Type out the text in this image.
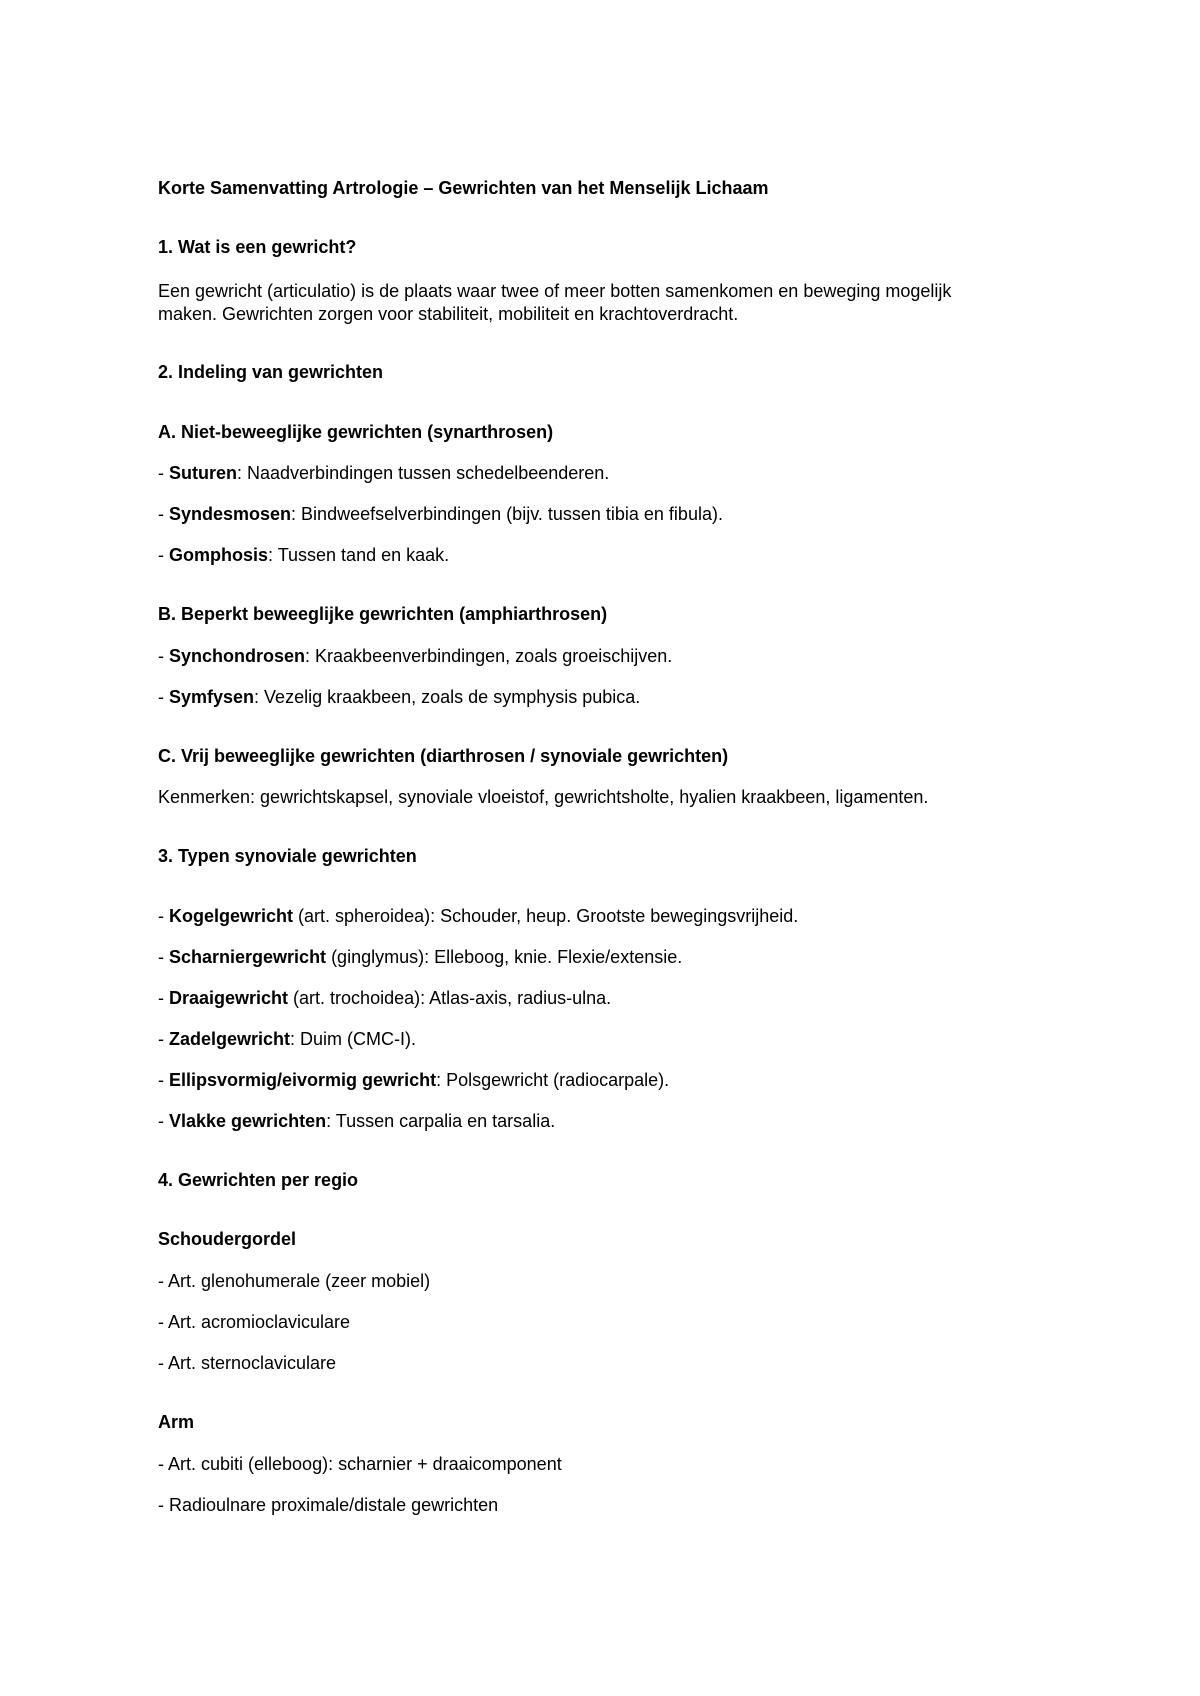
Korte Samenvatting Artrologie – Gewrichten van het Menselijk Lichaam
1. Wat is een gewricht?
Een gewricht (articulatio) is de plaats waar twee of meer botten samenkomen en beweging mogelijk
maken. Gewrichten zorgen voor stabiliteit, mobiliteit en krachtoverdracht.
2. Indeling van gewrichten
A. Niet-beweeglijke gewrichten (synarthrosen)
- Suturen: Naadverbindingen tussen schedelbeenderen.
- Syndesmosen: Bindweefselverbindingen (bijv. tussen tibia en fibula).
- Gomphosis: Tussen tand en kaak.
B. Beperkt beweeglijke gewrichten (amphiarthrosen)
- Synchondrosen: Kraakbeenverbindingen, zoals groeischijven.
- Symfysen: Vezelig kraakbeen, zoals de symphysis pubica.
C. Vrij beweeglijke gewrichten (diarthrosen / synoviale gewrichten)
Kenmerken: gewrichtskapsel, synoviale vloeistof, gewrichtsholte, hyalien kraakbeen, ligamenten.
3. Typen synoviale gewrichten
- Kogelgewricht (art. spheroidea): Schouder, heup. Grootste bewegingsvrijheid.
- Scharniergewricht (ginglymus): Elleboog, knie. Flexie/extensie.
- Draaigewricht (art. trochoidea): Atlas-axis, radius-ulna.
- Zadelgewricht: Duim (CMC-I).
- Ellipsvormig/eivormig gewricht: Polsgewricht (radiocarpale).
- Vlakke gewrichten: Tussen carpalia en tarsalia.
4. Gewrichten per regio
Schoudergordel
- Art. glenohumerale (zeer mobiel)
- Art. acromioclaviculare
- Art. sternoclaviculare
Arm
- Art. cubiti (elleboog): scharnier + draaicomponent
- Radioulnare proximale/distale gewrichten
